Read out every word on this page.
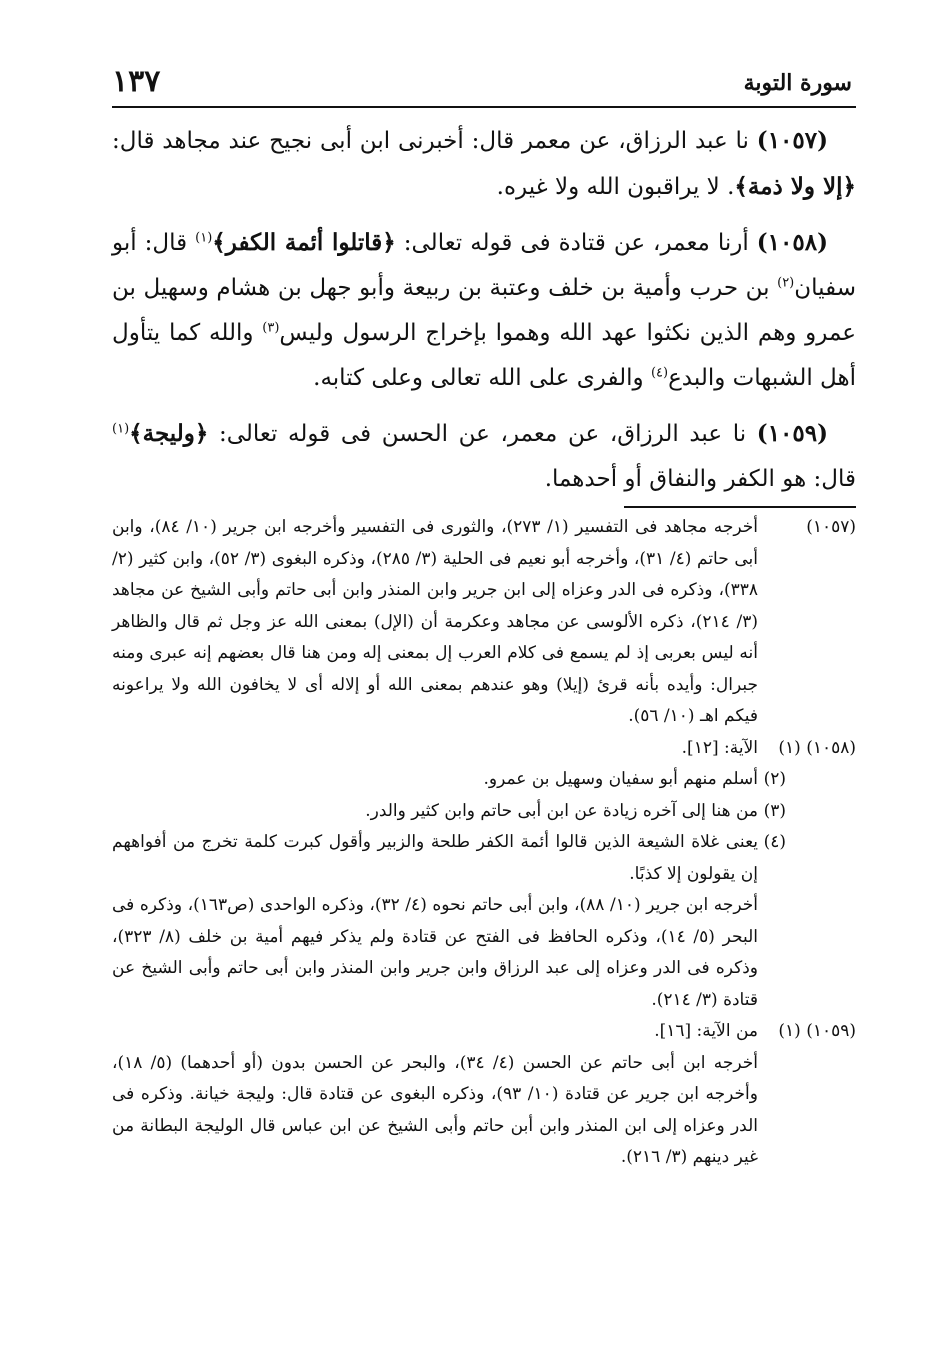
سورة التوبة
١٣٧

(١٠٥٧) نا عبد الرزاق، عن معمر قال: أخبرنى ابن أبى نجيح عند مجاهد قال: ﴿إلا ولا ذمة﴾. لا يراقبون الله ولا غيره.

(١٠٥٨) أرنا معمر، عن قتادة فى قوله تعالى: ﴿قاتلوا أئمة الكفر﴾$^{(١)}$ قال: أبو سفيان$^{(٢)}$ بن حرب وأمية بن خلف وعتبة بن ربيعة وأبو جهل بن هشام وسهيل بن عمرو وهم الذين نكثوا عهد الله وهموا بإخراج الرسول وليس$^{(٣)}$ والله كما يتأول أهل الشبهات والبدع$^{(٤)}$ والفرى على الله تعالى وعلى كتابه.

(١٠٥٩) نا عبد الرزاق، عن معمر، عن الحسن فى قوله تعالى: ﴿وليجة﴾$^{(١)}$ قال: هو الكفر والنفاق أو أحدهما.

(١٠٥٧)
أخرجه مجاهد فى التفسير (١/ ٢٧٣)، والثورى فى التفسير وأخرجه ابن جرير (١٠/ ٨٤)، وابن أبى حاتم (٤/ ٣١)، وأخرجه أبو نعيم فى الحلية (٣/ ٢٨٥)، وذكره البغوى (٣/ ٥٢)، وابن كثير (٢/ ٣٣٨)، وذكره فى الدر وعزاه إلى ابن جرير وابن المنذر وابن أبى حاتم وأبى الشيخ عن مجاهد (٣/ ٢١٤)، ذكره الألوسى عن مجاهد وعكرمة أن (الإل) بمعنى الله عز وجل ثم قال والظاهر أنه ليس بعربى إذ لم يسمع فى كلام العرب إل بمعنى إله ومن هنا قال بعضهم إنه عبرى ومنه جبرال: وأيده بأنه قرئ (إيلا) وهو عندهم بمعنى الله أو إلاله أى لا يخافون الله ولا يراعونه فيكم اهـ (١٠/ ٥٦).
(١٠٥٨) (١)
الآية: [١٢].
(٢)
أسلم منهم أبو سفيان وسهيل بن عمرو.
(٣)
من هنا إلى آخره زيادة عن ابن أبى حاتم وابن كثير والدر.
(٤)
يعنى غلاة الشيعة الذين قالوا أئمة الكفر طلحة والزبير وأقول كبرت كلمة تخرج من أفواههم إن يقولون إلا كذبًا.
أخرجه ابن جرير (١٠/ ٨٨)، وابن أبى حاتم نحوه (٤/ ٣٢)، وذكره الواحدى (ص١٦٣)، وذكره فى البحر (٥/ ١٤)، وذكره الحافظ فى الفتح عن قتادة ولم يذكر فيهم أمية بن خلف (٨/ ٣٢٣)، وذكره فى الدر وعزاه إلى عبد الرزاق وابن جرير وابن المنذر وابن أبى حاتم وأبى الشيخ عن قتادة (٣/ ٢١٤).
(١٠٥٩) (١)
من الآية: [١٦].
أخرجه ابن أبى حاتم عن الحسن (٤/ ٣٤)، والبحر عن الحسن بدون (أو أحدهما) (٥/ ١٨)، وأخرجه ابن جرير عن قتادة (١٠/ ٩٣)، وذكره البغوى عن قتادة قال: وليجة خيانة. وذكره فى الدر وعزاه إلى ابن المنذر وابن أبن حاتم وأبى الشيخ عن ابن عباس قال الوليجة البطانة من غير دينهم (٣/ ٢١٦).
